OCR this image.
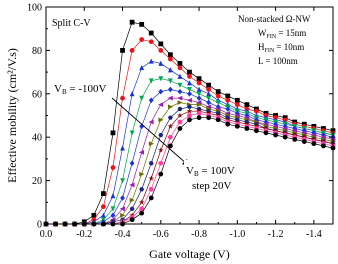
0.0 -0.2 -0.4 -0.6 -0.8 -1.0 -1.2 -1.4
0
20
40
60
80
100
Split C-V	Non-stacked Ω-NW
$W_{FIN} = 15nm$
$H_{FIN} = 10nm$
L = 100nm
VB = -100V
VB = 100V
step 20V
Gate voltage (V)
Effective mobility (cm²/V.s)
